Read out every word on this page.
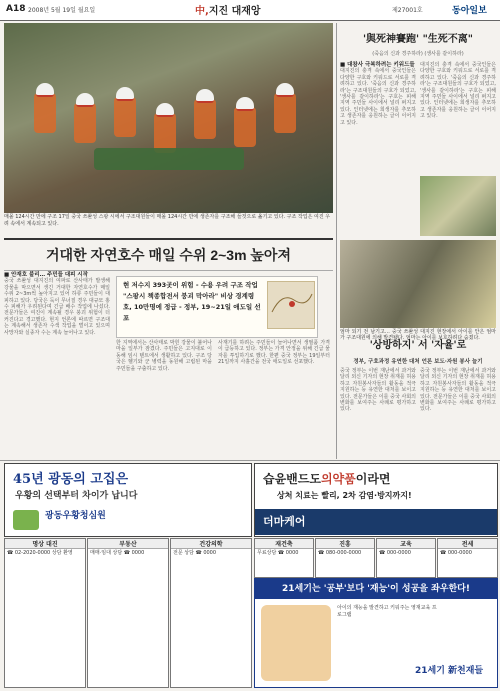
A18 2008년 5월 19일 월요일	中,지진 대재앙	제27001호	동아일보
매몰 124시간 만에 구조 17일 중국 쓰촨성 스팡 시에서 구조대원들이 매몰 124시간 만에 생존자를 구조해 들것으로 옮기고 있다. 구조 작업은 여진 우려 속에서 계속되고 있다.
거대한 자연호수 매일 수위 2~3m 높아져
■ 안재호 불리… 주민들 대피 시작
중국 쓰촨성 대지진의 여파로 산사태가 발생해 강물을 막으면서 생긴 거대한 자연호수가 매일 수위 2~3m씩 높아지고 있어 하류 주민들이 대피하고 있다. 당국은 둑이 무너질 경우 대규모 홍수 피해가 우려된다며 긴급 배수 작업에 나섰다. 전문가들은 여진이 계속될 경우 붕괴 위험이 더 커진다고 경고했다. 현지 언론에 따르면 구조대는 계속해서 생존자 수색 작업을 벌이고 있으며 사망자와 실종자 수는 계속 늘어나고 있다.
현 저수지 393곳이 위험 - 수용 우려 구조 작업 "스팡시 책종합전서 붕괴 막아라" 비상 경계령 호, 10만명에 정급 - 정부, 19~21일 애도일 선포
한 지역에서는 산사태로 막힌 강물이 불어나 마을 일부가 잠겼다. 주민들은 고지대로 이동해 임시 텐트에서 생활하고 있다. 구조 당국은 헬기와 군 병력을 동원해 고립된 마을 주민들을 구출하고 있다.
사재기를 하려는 주민들이 늘어나면서 생필품 가격이 급등하고 있다. 정부는 가격 안정을 위해 긴급 물자를 투입하기로 했다. 한편 중국 정부는 19일부터 21일까지 사흘간을 전국 애도일로 선포했다.
'與死神賽跑' "生死不离"
(죽음의 신과 경주하라) (생사를 같이하라)
■ 대참사 극복하려는 키워드들
대지진의 충격 속에서 중국인들은 다양한 구호와 키워드로 서로를 격려하고 있다. '죽음의 신과 경주하라'는 구조대원들의 구호가 되었고, '생사를 같이하라'는 구호는 피해 지역 주민들 사이에서 널리 퍼지고 있다. 인터넷에는 희생자를 추모하고 생존자를 응원하는 글이 이어지고 있다.
대지진의 충격 속에서 중국인들은 다양한 구호와 키워드로 서로를 격려하고 있다. '죽음의 신과 경주하라'는 구조대원들의 구호가 되었고, '생사를 같이하라'는 구호는 피해 지역 주민들 사이에서 널리 퍼지고 있다. 인터넷에는 희생자를 추모하고 생존자를 응원하는 글이 이어지고 있다.
엄마 되기 전 남기고… 중국 쓰촨성 대지진 현장에서 아이를 안은 엄마가 구조대원에 의해 발견됐다. 엄마는 아이를 보호하려다 숨졌다.
'상방하지' 서 '자율'로
정부, 구호과정 유연한 대처 언론 보도·자원 봉사 늘기
중국 정부는 이번 재난에서 과거와 달리 외신 기자의 현장 취재를 허용하고 자원봉사자들의 활동을 적극 지원하는 등 유연한 대처를 보이고 있다. 전문가들은 이를 중국 사회의 변화를 보여주는 사례로 평가하고 있다.
중국 정부는 이번 재난에서 과거와 달리 외신 기자의 현장 취재를 허용하고 자원봉사자들의 활동을 적극 지원하는 등 유연한 대처를 보이고 있다. 전문가들은 이를 중국 사회의 변화를 보여주는 사례로 평가하고 있다.
45년 광동의 고집은
우황의 선택부터 차이가 납니다
광동우황청심원
습윤밴드도의약품이라면
상처 치료는 빨리, 2차 감염·방지까지!
더마케어
명상 대진
☎ 02-2020-0000 상담 환영
부동산
매매·임대 상담 ☎ 0000
건강의학
전문 상담 ☎ 0000
재건축
무료상담 ☎ 0000
진흥
☎ 080-000-0000
교육
☎ 000-0000
전세
☎ 000-0000
21세기는 '공부'보다 '재능'이 성공을 좌우한다!
아이의 재능을 발견하고 키워주는 영재교육 프로그램
21세기 新천재들
